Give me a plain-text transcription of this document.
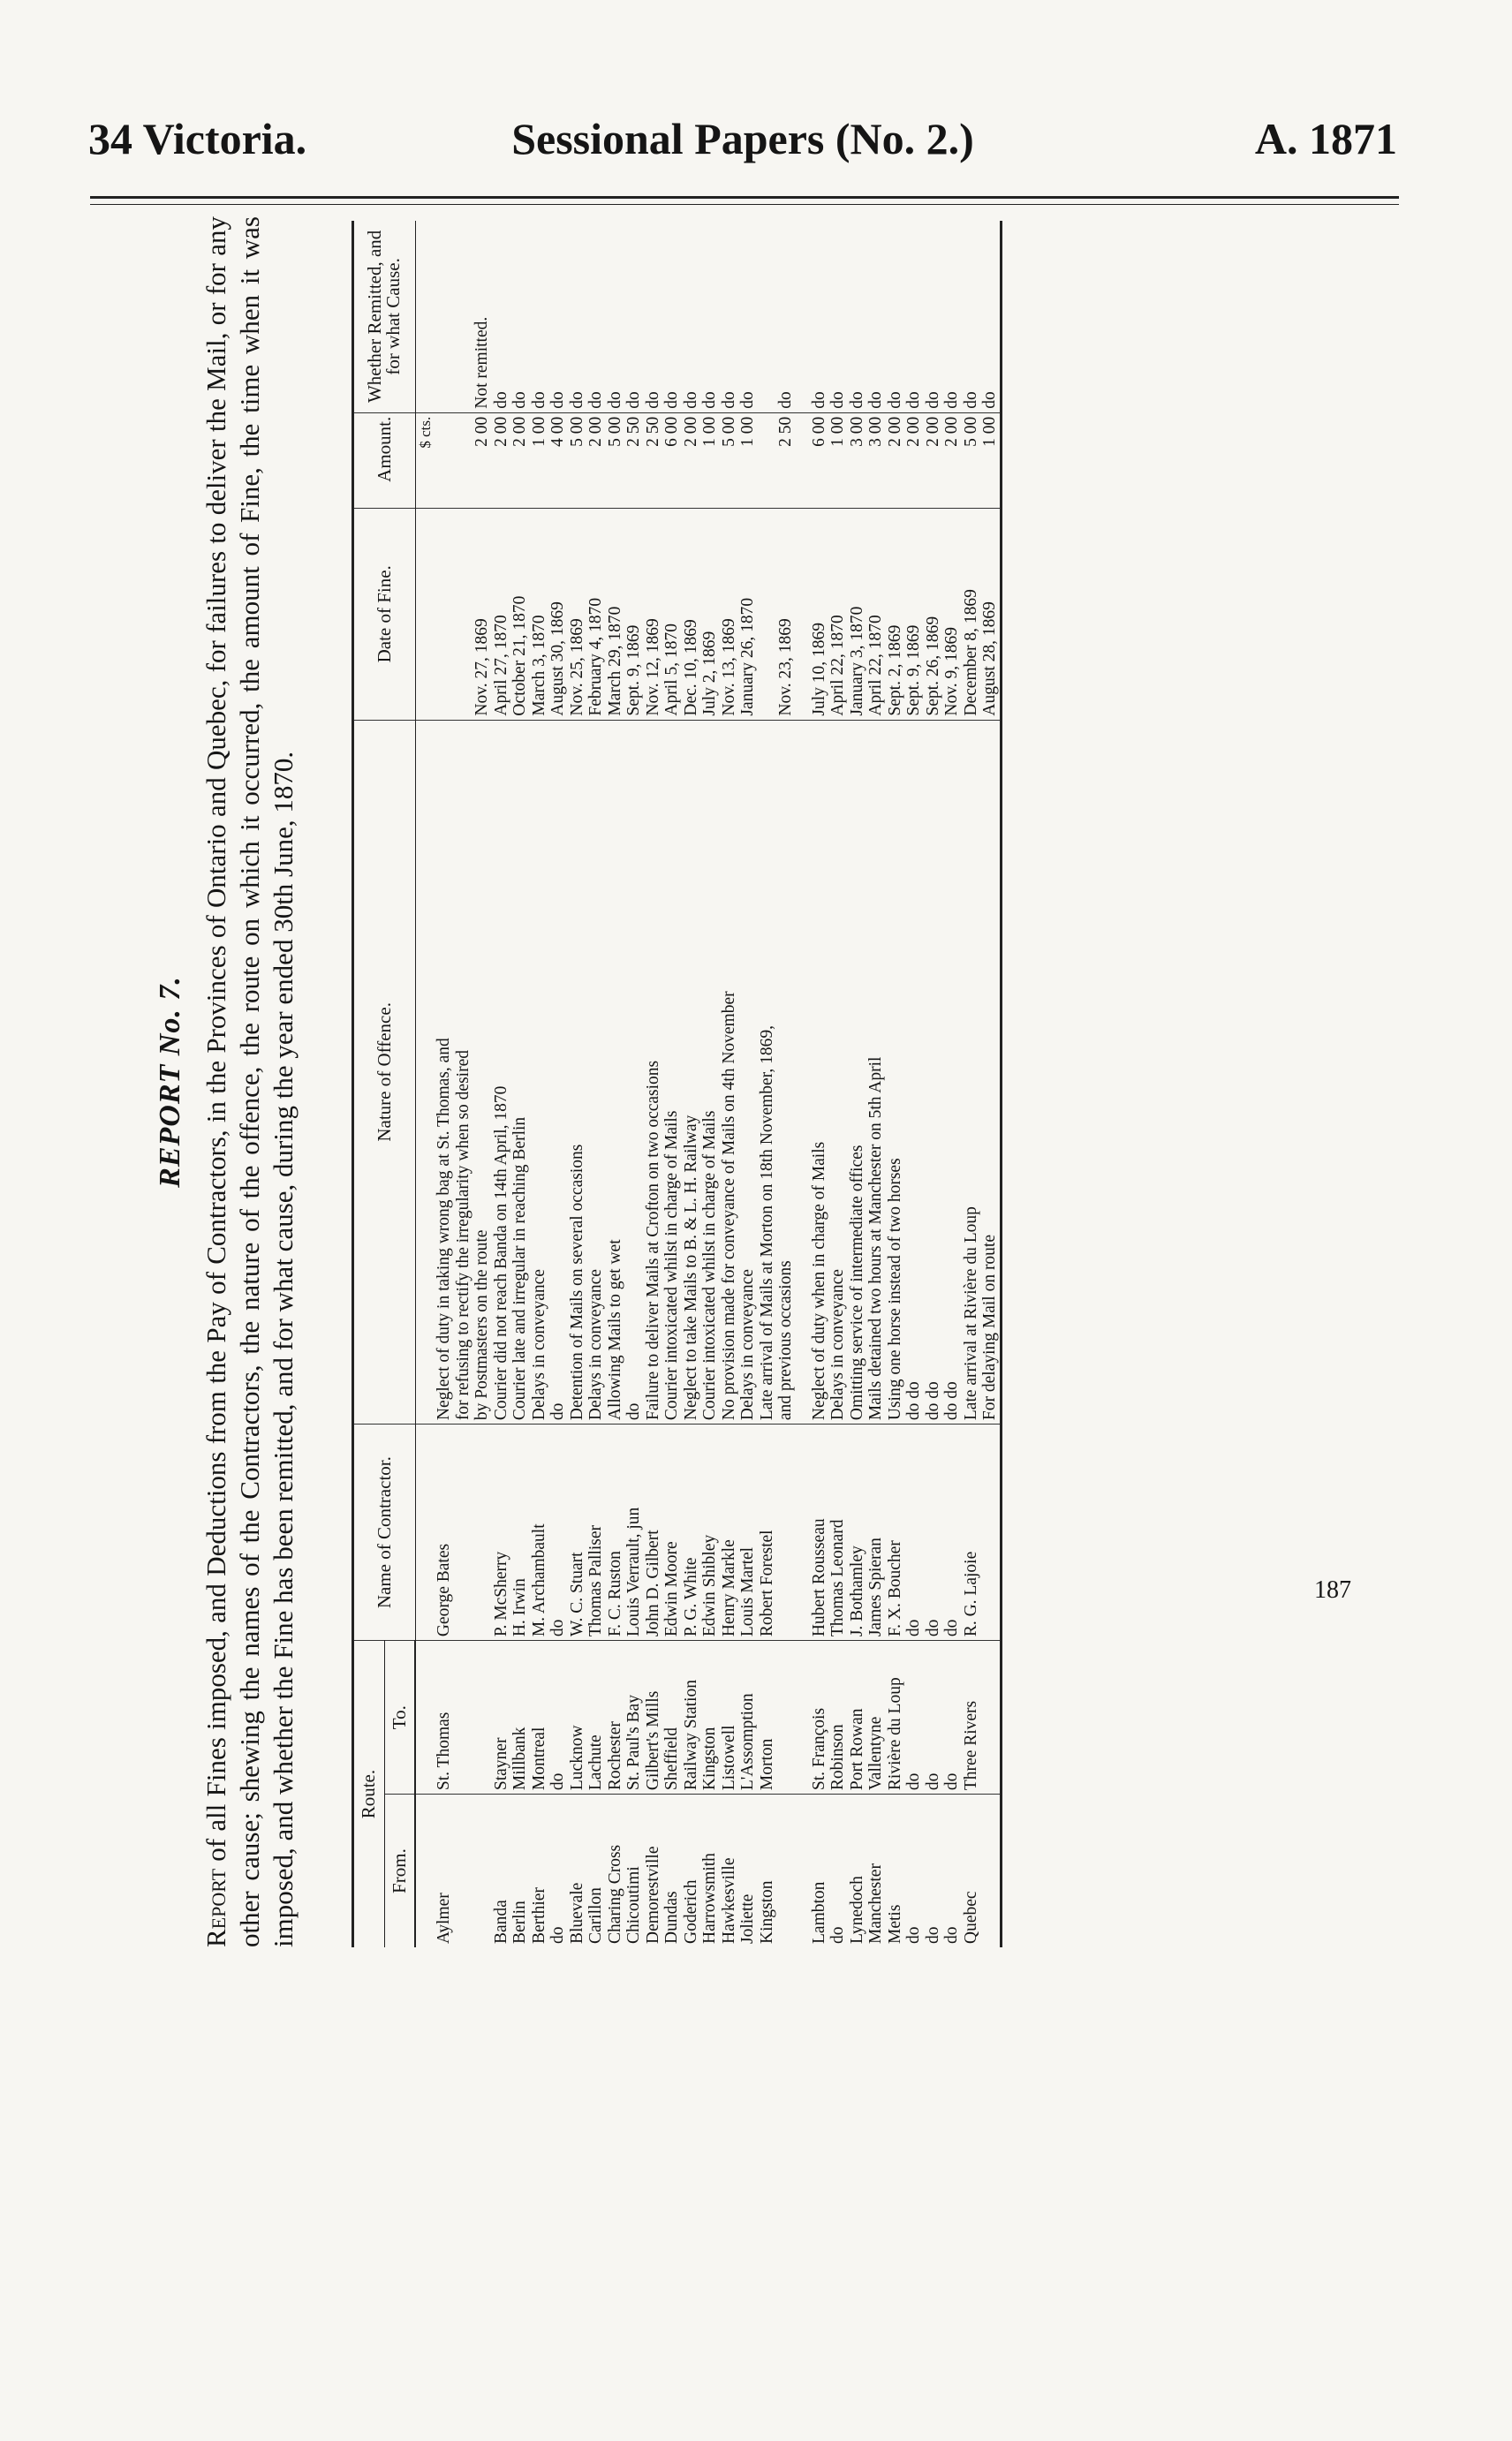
34 Victoria.	Sessional Papers (No. 2.)	A. 1871
REPORT No. 7.
Report of all Fines imposed, and Deductions from the Pay of Contractors, in the Provinces of Ontario and Quebec, for failures to deliver the Mail, or for any other cause; shewing the names of the Contractors, the nature of the offence, the route on which it occurred, the amount of Fine, the time when it was imposed, and whether the Fine has been remitted, and for what cause, during the year ended 30th June, 1870.	Route.		Name of Contractor.	Nature of Offence.	Date of Fine.	Amount.	Whether Remitted, and for what Cause.
From.	To.					
					$ cts.	
Aylmer	St. Thomas	George Bates	Neglect of duty in taking wrong bag at St. Thomas, and			
			for refusing to rectify the irregularity when so desired			
			by Postmasters on the route	Nov. 27, 1869	2 00	Not remitted.
Banda	Stayner	P. McSherry	Courier did not reach Banda on 14th April, 1870	April 27, 1870	2 00	do
Berlin	Millbank	H. Irwin	Courier late and irregular in reaching Berlin	October 21, 1870	2 00	do
Berthier	Montreal	M. Archambault	Delays in conveyance	March 3, 1870	1 00	do
do	do	do	do	August 30, 1869	4 00	do
Bluevale	Lucknow	W. C. Stuart	Detention of Mails on several occasions	Nov. 25, 1869	5 00	do
Carillon	Lachute	Thomas Palliser	Delays in conveyance	February 4, 1870	2 00	do
Charing Cross	Rochester	F. C. Ruston	Allowing Mails to get wet	March 29, 1870	5 00	do
Chicoutimi	St. Paul's Bay	Louis Verrault, jun	do	Sept. 9, 1869	2 50	do
Demorestville	Gilbert's Mills	John D. Gilbert	Failure to deliver Mails at Crofton on two occasions	Nov. 12, 1869	2 50	do
Dundas	Sheffield	Edwin Moore	Courier intoxicated whilst in charge of Mails	April 5, 1870	6 00	do
Goderich	Railway Station	P. G. White	Neglect to take Mails to B. & L. H. Railway	Dec. 10, 1869	2 00	do
Harrowsmith	Kingston	Edwin Shibley	Courier intoxicated whilst in charge of Mails	July 2, 1869	1 00	do
Hawkesville	Listowell	Henry Markle	No provision made for conveyance of Mails on 4th November	Nov. 13, 1869	5 00	do
Joliette	L'Assomption	Louis Martel	Delays in conveyance	January 26, 1870	1 00	do
Kingston	Morton	Robert Forestel	Late arrival of Mails at Morton on 18th November, 1869,			
			and previous occasions	Nov. 23, 1869	2 50	do

Lambton	St. François	Hubert Rousseau	Neglect of duty when in charge of Mails	July 10, 1869	6 00	do
do	Robinson	Thomas Leonard	Delays in conveyance	April 22, 1870	1 00	do
Lynedoch	Port Rowan	J. Bothamley	Omitting service of intermediate offices	January 3, 1870	3 00	do
Manchester	Vallentyne	James Spieran	Mails detained two hours at Manchester on 5th April	April 22, 1870	3 00	do
Metis	Rivière du Loup	F. X. Boucher	Using one horse instead of two horses	Sept. 2, 1869	2 00	do
do	do	do	do do	Sept. 9, 1869	2 00	do
do	do	do	do do	Sept. 26, 1869	2 00	do
do	do	do	do do	Nov. 9, 1869	2 00	do
Quebec	Three Rivers	R. G. Lajoie	Late arrival at Rivière du Loup	December 8, 1869	5 00	do
			For delaying Mail on route	August 28, 1869	1 00	do
187
